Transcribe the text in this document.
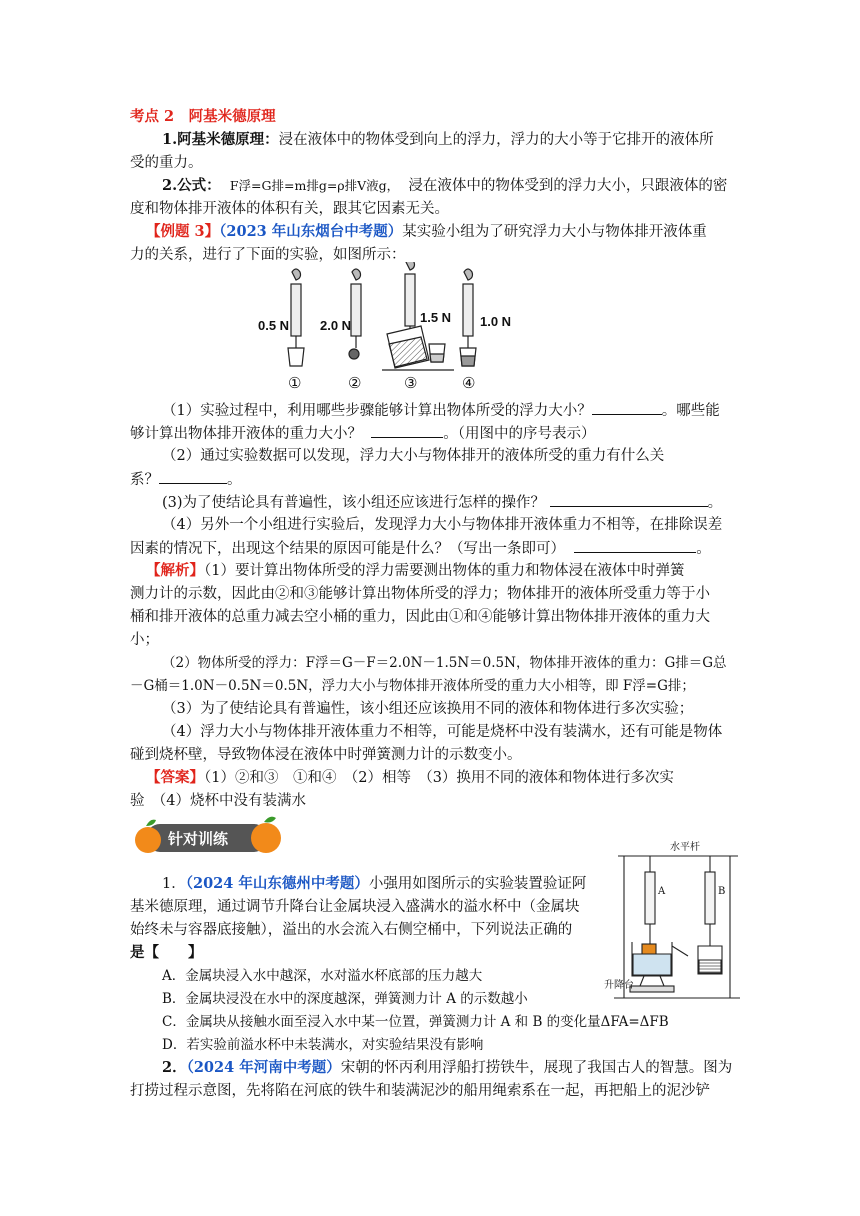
考点 2　阿基米德原理
1.阿基米德原理：浸在液体中的物体受到向上的浮力，浮力的大小等于它排开的液体所
受的重力。
2.公式： F浮=G排=m排g=ρ排V液g， 浸在液体中的物体受到的浮力大小，只跟液体的密
度和物体排开液体的体积有关，跟其它因素无关。
【例题 3】（2023 年山东烟台中考题）某实验小组为了研究浮力大小与物体排开液体重
力的关系，进行了下面的实验，如图所示：
0.5 N 2.0 N
1.5 N 1.0 N
①	②	③	④
（1）实验过程中，利用哪些步骤能够计算出物体所受的浮力大小？	。哪些能
够计算出物体排开液体的重力大小？	。（用图中的序号表示）
（2）通过实验数据可以发现，浮力大小与物体排开的液体所受的重力有什么关
系？	。
(3)为了使结论具有普遍性，该小组还应该进行怎样的操作？	。
（4）另外一个小组进行实验后，发现浮力大小与物体排开液体重力不相等，在排除误差
因素的情况下，出现这个结果的原因可能是什么？（写出一条即可）	。
【解析】（1）要计算出物体所受的浮力需要测出物体的重力和物体浸在液体中时弹簧
测力计的示数，因此由②和③能够计算出物体所受的浮力；物体排开的液体所受重力等于小
桶和排开液体的总重力减去空小桶的重力，因此由①和④能够计算出物体排开液体的重力大
小；
（2）物体所受的浮力：F浮＝G－F＝2.0N－1.5N＝0.5N，物体排开液体的重力：G排＝G总
－G桶＝1.0N－0.5N＝0.5N，浮力大小与物体排开液体所受的重力大小相等，即 F浮=G排；
（3）为了使结论具有普遍性，该小组还应该换用不同的液体和物体进行多次实验；
（4）浮力大小与物体排开液体重力不相等，可能是烧杯中没有装满水，还有可能是物体
碰到烧杯壁，导致物体浸在液体中时弹簧测力计的示数变小。
【答案】（1）②和③　①和④　（2）相等　（3）换用不同的液体和物体进行多次实
验　（4）烧杯中没有装满水
针对训练
1．（2024 年山东德州中考题）小强用如图所示的实验装置验证阿
基米德原理，通过调节升降台让金属块浸入盛满水的溢水杯中（金属块
始终未与容器底接触），溢出的水会流入右侧空桶中，下列说法正确的
是【　　】
A．金属块浸入水中越深，水对溢水杯底部的压力越大
B．金属块浸没在水中的深度越深，弹簧测力计 A 的示数越小
C．金属块从接触水面至浸入水中某一位置，弹簧测力计 A 和 B 的变化量ΔFA=ΔFB
D．若实验前溢水杯中未装满水，对实验结果没有影响
水平杆
A	B
升降台
2．（2024 年河南中考题）宋朝的怀丙利用浮船打捞铁牛，展现了我国古人的智慧。图为
打捞过程示意图，先将陷在河底的铁牛和装满泥沙的船用绳索系在一起，再把船上的泥沙铲
